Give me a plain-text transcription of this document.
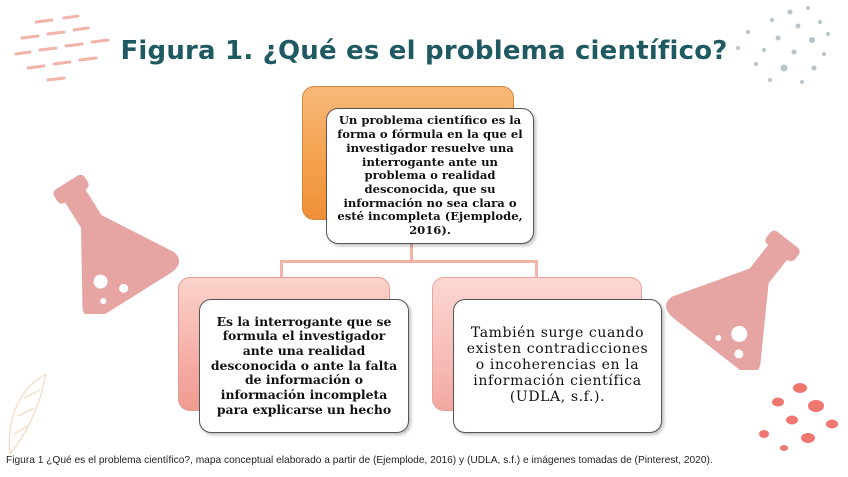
Figura 1. ¿Qué es el problema científico?
Un problema científico es la forma o fórmula en la que el investigador resuelve una interrogante ante un problema o realidad desconocida, que su información no sea clara o esté incompleta (Ejemplode, 2016).
Es la interrogante que se formula el investigador ante una realidad desconocida o ante la falta de información o información incompleta para explicarse un hecho
También surge cuando existen contradicciones o incoherencias en la información científica (UDLA, s.f.).
Figura 1 ¿Qué es el problema científico?, mapa conceptual elaborado a partir de (Ejemplode, 2016) y (UDLA, s.f.) e imágenes tomadas de (Pinterest, 2020).
